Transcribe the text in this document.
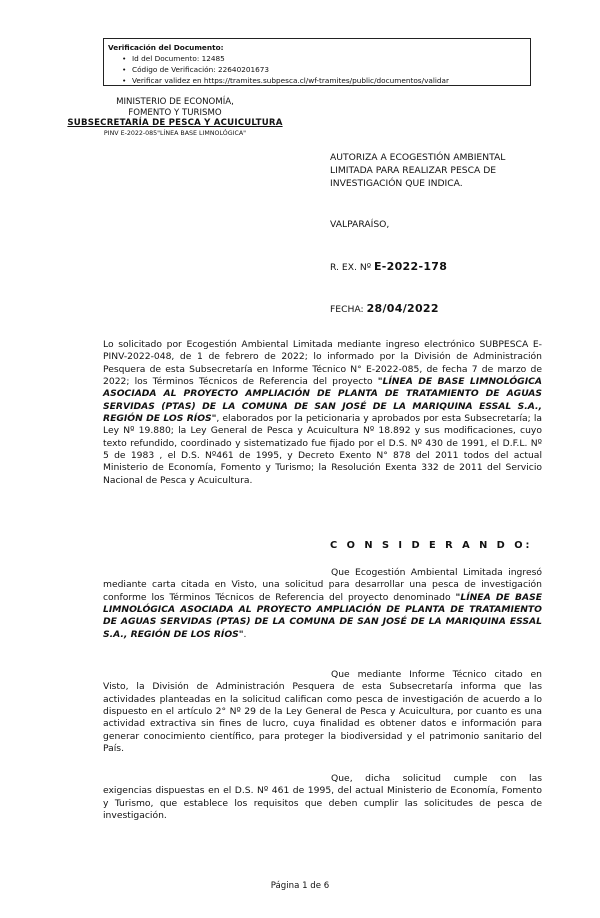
Verificación del Documento:
• Id del Documento: 12485
• Código de Verificación: 22640201673
• Verificar validez en https://tramites.subpesca.cl/wf-tramites/public/documentos/validar
MINISTERIO DE ECONOMÍA,
FOMENTO Y TURISMO
SUBSECRETARÍA DE PESCA Y ACUICULTURA
PINV E-2022-085"LÍNEA BASE LIMNOLÓGICA"
AUTORIZA A ECOGESTIÓN AMBIENTAL LIMITADA PARA REALIZAR PESCA DE INVESTIGACIÓN QUE INDICA.
VALPARAÍSO,
R. EX. Nº E-2022-178
FECHA: 28/04/2022
Lo solicitado por Ecogestión Ambiental Limitada mediante ingreso electrónico SUBPESCA E-PINV-2022-048, de 1 de febrero de 2022; lo informado por la División de Administración Pesquera de esta Subsecretaría en Informe Técnico N° E-2022-085, de fecha 7 de marzo de 2022; los Términos Técnicos de Referencia del proyecto "LÍNEA DE BASE LIMNOLÓGICA ASOCIADA AL PROYECTO AMPLIACIÓN DE PLANTA DE TRATAMIENTO DE AGUAS SERVIDAS (PTAS) DE LA COMUNA DE SAN JOSÉ DE LA MARIQUINA ESSAL S.A., REGIÓN DE LOS RÍOS", elaborados por la peticionaria y aprobados por esta Subsecretaría; la Ley Nº 19.880; la Ley General de Pesca y Acuicultura Nº 18.892 y sus modificaciones, cuyo texto refundido, coordinado y sistematizado fue fijado por el D.S. Nº 430 de 1991, el D.F.L. Nº 5 de 1983 , el D.S. Nº461 de 1995, y Decreto Exento N° 878 del 2011 todos del actual Ministerio de Economía, Fomento y Turismo; la Resolución Exenta 332 de 2011 del Servicio Nacional de Pesca y Acuicultura.
C O N S I D E R A N D O:
Que Ecogestión Ambiental Limitada ingresó mediante carta citada en Visto, una solicitud para desarrollar una pesca de investigación conforme los Términos Técnicos de Referencia del proyecto denominado "LÍNEA DE BASE LIMNOLÓGICA ASOCIADA AL PROYECTO AMPLIACIÓN DE PLANTA DE TRATAMIENTO DE AGUAS SERVIDAS (PTAS) DE LA COMUNA DE SAN JOSÉ DE LA MARIQUINA ESSAL S.A., REGIÓN DE LOS RÍOS".
Que mediante Informe Técnico citado en Visto, la División de Administración Pesquera de esta Subsecretaría informa que las actividades planteadas en la solicitud califican como pesca de investigación de acuerdo a lo dispuesto en el artículo 2° Nº 29 de la Ley General de Pesca y Acuicultura, por cuanto es una actividad extractiva sin fines de lucro, cuya finalidad es obtener datos e información para generar conocimiento científico, para proteger la biodiversidad y el patrimonio sanitario del País.
Que, dicha solicitud cumple con las exigencias dispuestas en el D.S. Nº 461 de 1995, del actual Ministerio de Economía, Fomento y Turismo, que establece los requisitos que deben cumplir las solicitudes de pesca de investigación.
Página 1 de 6
